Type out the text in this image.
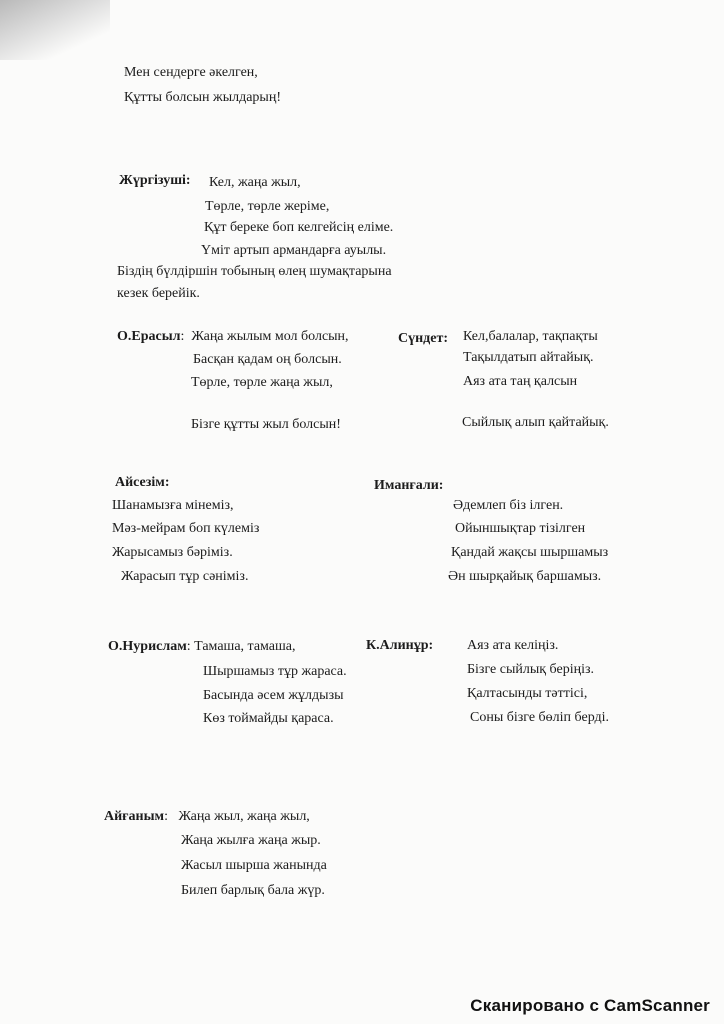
Мен сендерге әкелген,
Құтты болсын жылдарың!
Жүргізуші: Кел, жаңа жыл,
Төрле, төрле жеріме,
Құт береке боп келгейсің еліме.
Үміт артып армандарға ауылы.
Біздің бүлдіршін тобының өлең шумақтарына
кезек берейік.
О.Ерасыл:  Жаңа жылым мол болсын,
Басқан қадам оң болсын.
Төрле, төрле жаңа жыл,
Бізге құтты жыл болсын!
Сүндет: Кел,балалар, тақпақты
Тақылдатып айтайық.
Аяз ата таң қалсын
Сыйлық алып қайтайық.
Айсезім:
Шанамызға мінеміз,
Мәз-мейрам боп күлеміз
Жарысамыз бәріміз.
Жарасып тұр сәніміз.
Иманғали:
Әдемлеп біз ілген.
Ойыншықтар тізілген
Қандай жақсы шыршамыз
Ән шырқайық баршамыз.
О.Нурислам: Тамаша, тамаша,
Шыршамыз тұр жараса.
Басында әсем жұлдызы
Көз тоймайды қараса.
К.Алинұр: Аяз ата келіңіз.
Бізге сыйлық беріңіз.
Қалтасынды тәттісі,
Соны бізге бөліп берді.
Айғаным:   Жаңа жыл, жаңа жыл,
Жаңа жылға жаңа жыр.
Жасыл шырша жанында
Билеп барлық бала жүр.
Сканировано с CamScanner
